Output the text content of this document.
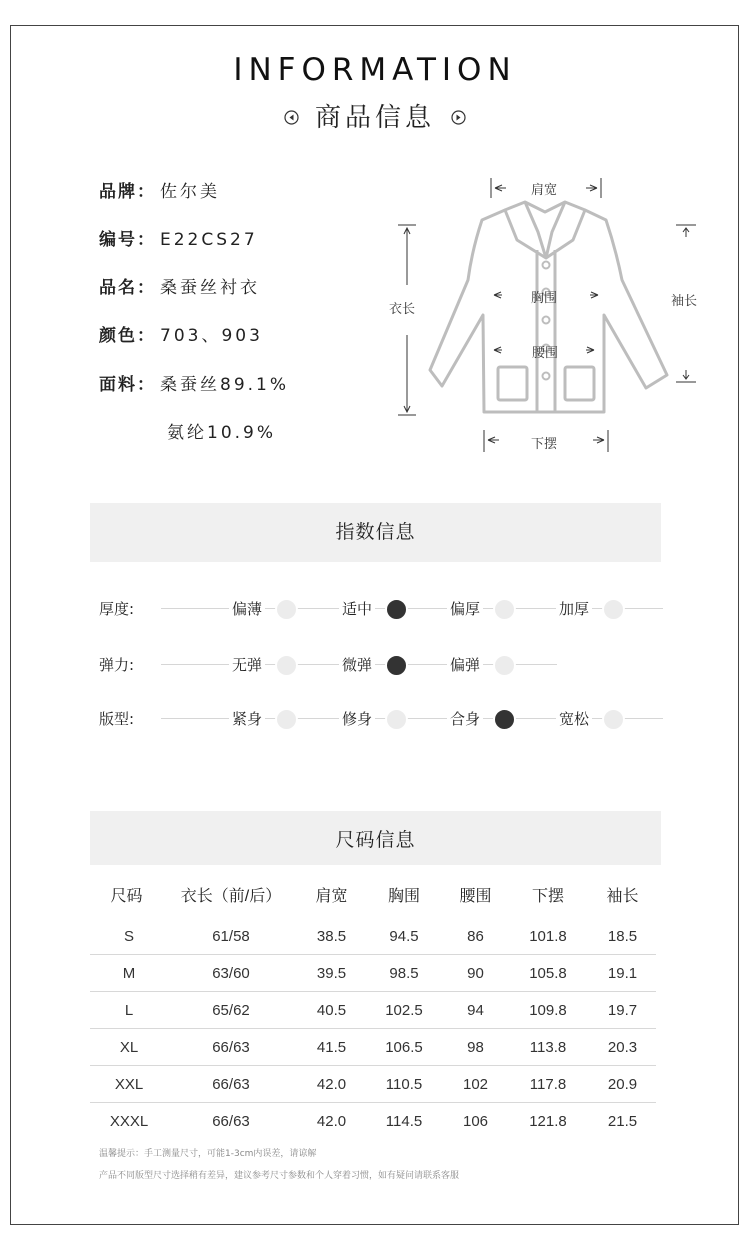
INFORMATION
商品信息
品牌： 佐尔美
编号： E22CS27
品名： 桑蚕丝衬衣
颜色： 703、903
面料： 桑蚕丝89.1%
氨纶10.9%
肩宽
衣长
胸围
腰围
下摆
袖长
指数信息
厚度:	偏薄	适中	偏厚	加厚
弹力:	无弹	微弹	偏弹
版型:	紧身	修身	合身	宽松
尺码信息
尺码	衣长（前/后）	肩宽	胸围	腰围	下摆	袖长
S	61/58	38.5	94.5	86	101.8	18.5
M	63/60	39.5	98.5	90	105.8	19.1
L	65/62	40.5	102.5	94	109.8	19.7
XL	66/63	41.5	106.5	98	113.8	20.3
XXL	66/63	42.0	110.5	102	117.8	20.9
XXXL	66/63	42.0	114.5	106	121.8	21.5
温馨提示：手工测量尺寸，可能1-3cm内误差，请谅解
产品不同版型尺寸选择稍有差异，建议参考尺寸参数和个人穿着习惯，如有疑问请联系客服
